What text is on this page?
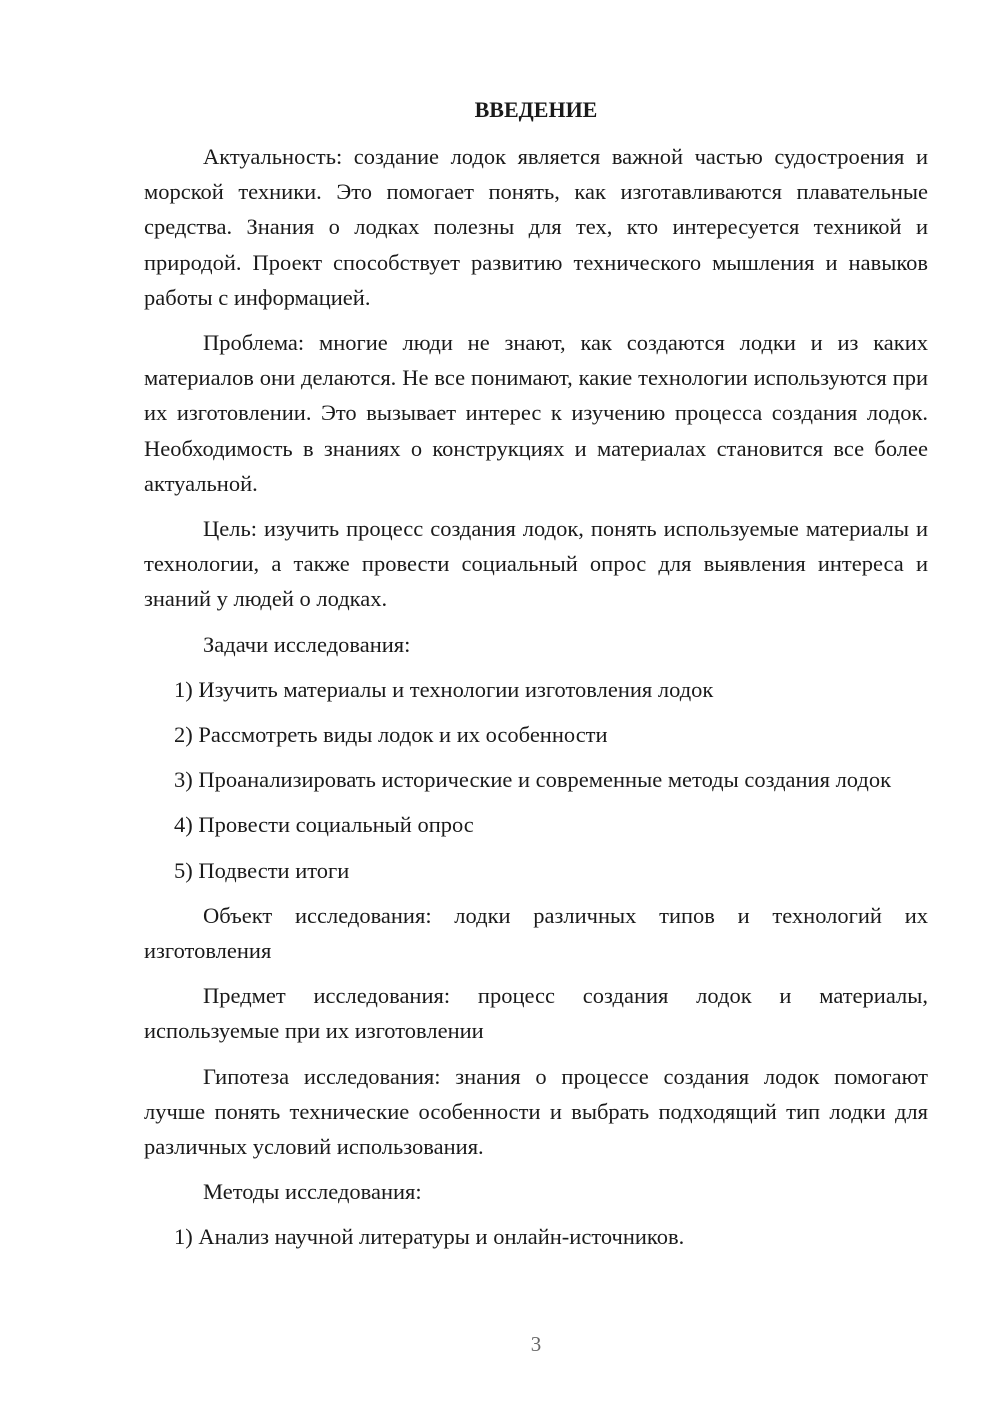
ВВЕДЕНИЕ

Актуальность: создание лодок является важной частью судостроения и морской техники. Это помогает понять, как изготавливаются плавательные средства. Знания о лодках полезны для тех, кто интересуется техникой и природой. Проект способствует развитию технического мышления и навыков работы с информацией.

Проблема: многие люди не знают, как создаются лодки и из каких материалов они делаются. Не все понимают, какие технологии используются при их изготовлении. Это вызывает интерес к изучению процесса создания лодок. Необходимость в знаниях о конструкциях и материалах становится все более актуальной.

Цель: изучить процесс создания лодок, понять используемые материалы и технологии, а также провести социальный опрос для выявления интереса и знаний у людей о лодках.

Задачи исследования:

1) Изучить материалы и технологии изготовления лодок

2) Рассмотреть виды лодок и их особенности

3) Проанализировать исторические и современные методы создания лодок

4) Провести социальный опрос

5) Подвести итоги

Объект исследования: лодки различных типов и технологий их изготовления

Предмет исследования: процесс создания лодок и материалы, используемые при их изготовлении

Гипотеза исследования: знания о процессе создания лодок помогают лучше понять технические особенности и выбрать подходящий тип лодки для различных условий использования.

Методы исследования:

1) Анализ научной литературы и онлайн-источников.

3
